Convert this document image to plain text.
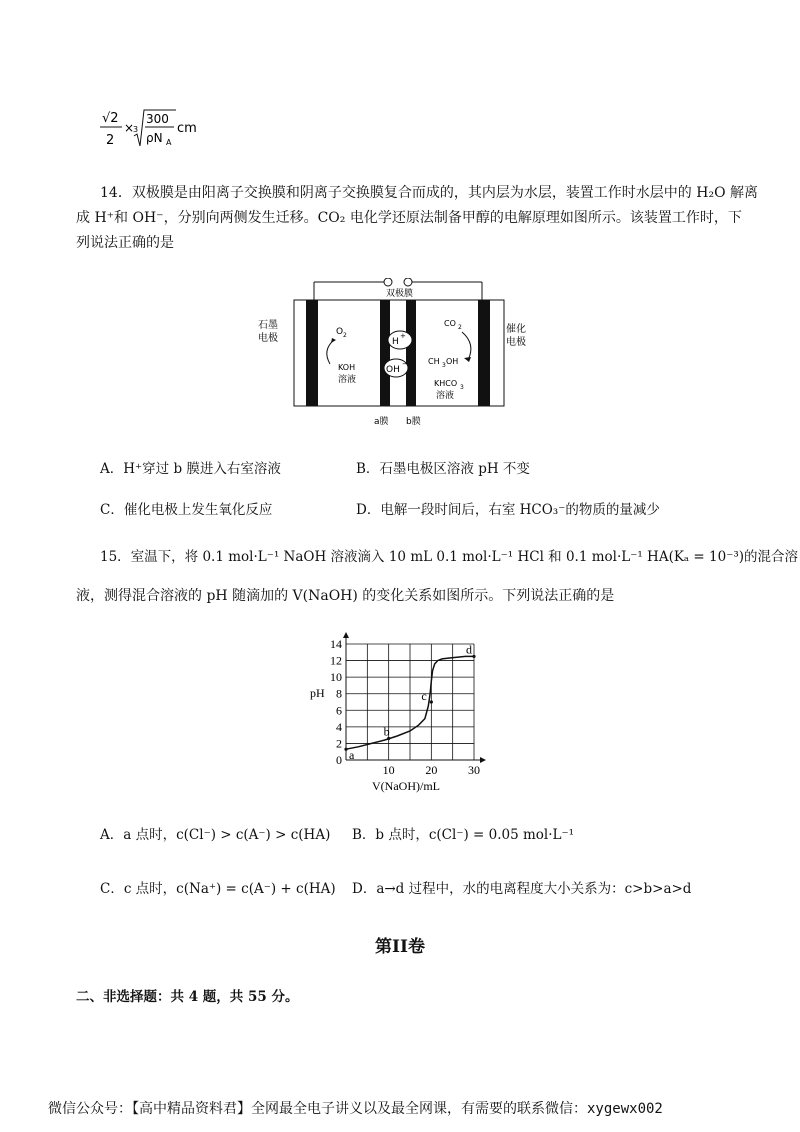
√2
2
×
3
300
ρN A
cm
14．双极膜是由阳离子交换膜和阴离子交换膜复合而成的，其内层为水层，装置工作时水层中的 H₂O 解离
成 H⁺和 OH⁻，分别向两侧发生迁移。CO₂ 电化学还原法制备甲醇的电解原理如图所示。该装置工作时，下
列说法正确的是
双极膜
H
+
OH
−
石墨
电极
O 2
KOH
溶液
CO 2
CH 3 OH
KHCO 3
溶液
催化
电极
a膜 b膜
A．H⁺穿过 b 膜进入右室溶液	B．石墨电极区溶液 pH 不变
C．催化电极上发生氧化反应	D．电解一段时间后，右室 HCO₃⁻的物质的量减少
15．室温下，将 0.1 mol·L⁻¹ NaOH 溶液滴入 10 mL 0.1 mol·L⁻¹ HCl 和 0.1 mol·L⁻¹ HA(Kₐ = 10⁻³)的混合溶
液，测得混合溶液的 pH 随滴加的 V(NaOH) 的变化关系如图所示。下列说法正确的是
0
2
4
6
8
10
12
14
10	20	30
pH
V(NaOH)/mL
a
b
c
d
A．a 点时，c(Cl⁻) > c(A⁻) > c(HA) B．b 点时，c(Cl⁻) = 0.05 mol·L⁻¹
C．c 点时，c(Na⁺) = c(A⁻) + c(HA) D．a→d 过程中，水的电离程度大小关系为：c>b>a>d
第II卷
二、非选择题：共 4 题，共 55 分。
微信公众号：【高中精品资料君】全网最全电子讲义以及最全网课，有需要的联系微信：xygewx002
